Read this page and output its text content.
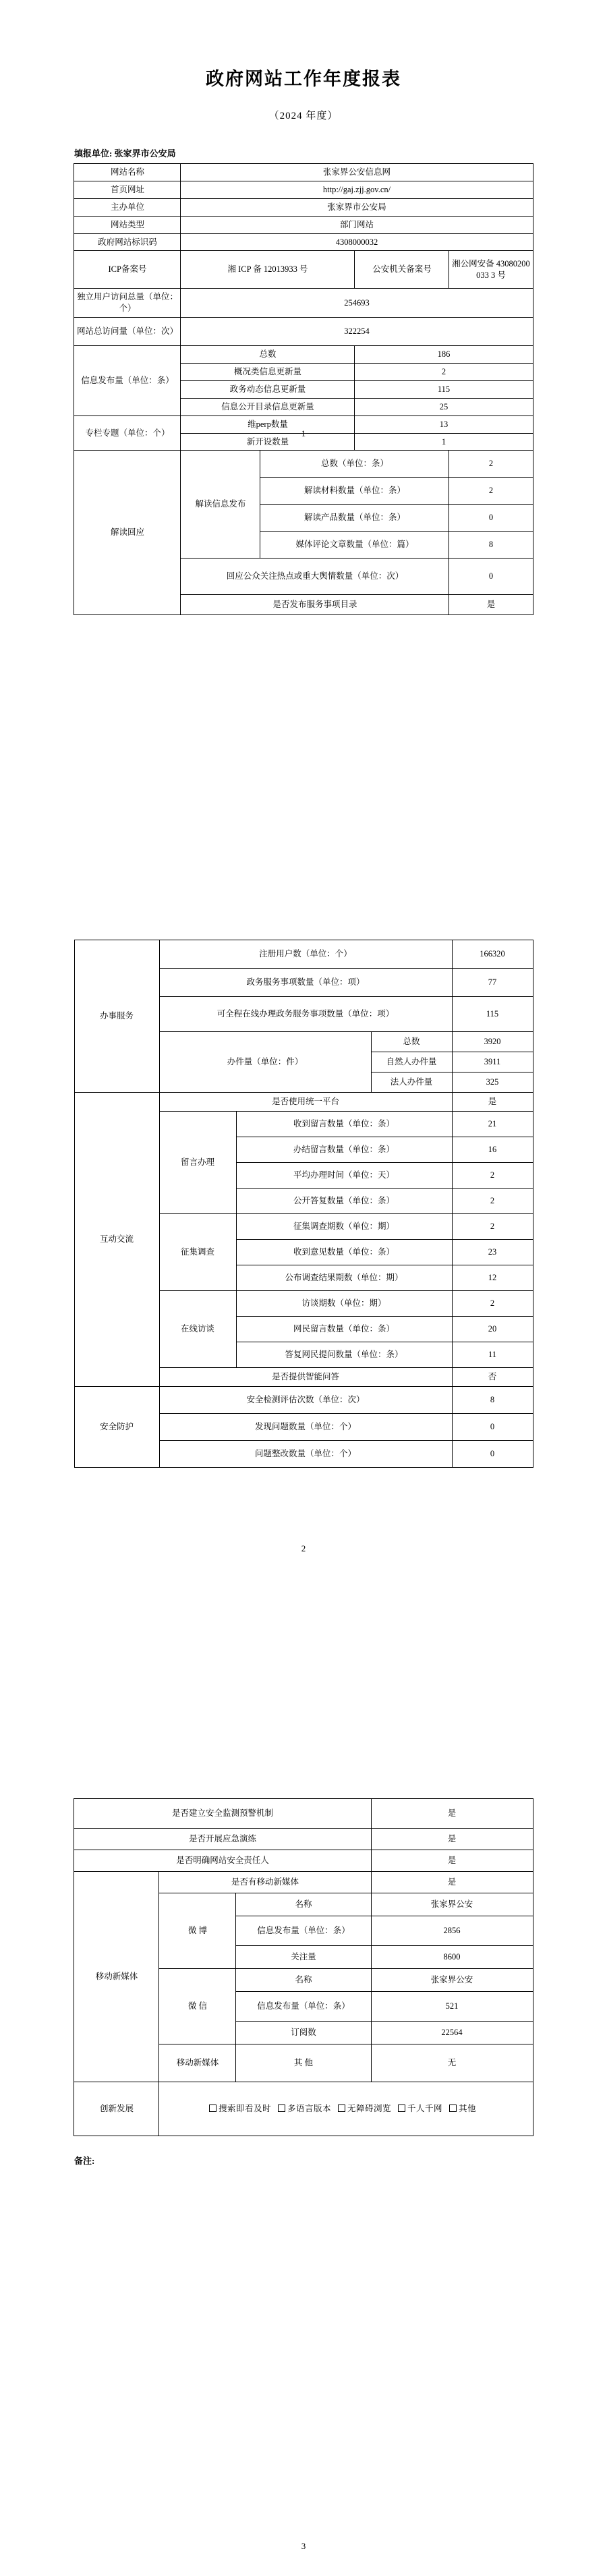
政府网站工作年度报表
（2024 年度）
填报单位: 张家界市公安局
网站名称	张家界公安信息网			
首页网址	http://gaj.zjj.gov.cn/			
主办单位	张家界市公安局			
网站类型	部门网站			
政府网站标识码	4308000032			
ICP备案号	湘 ICP 备 12013933 号		公安机关备案号	湘公网安备 43080200033 3 号
独立用户访问总量（单位：个）	254693			
网站总访问量（单位：次）	322254			
信息发布量（单位：条）	总数		186	
	概况类信息更新量		2	
	政务动态信息更新量		115	
	信息公开目录信息更新量		25	
专栏专题（单位：个）	维perp数量		13	
	新开设数量		1	
解读回应	解读信息发布	总数（单位：条）		2
		解读材料数量（单位：条）		2
		解读产品数量（单位：条）		0
		媒体评论文章数量（单位：篇）		8
	回应公众关注热点或重大舆情数量（单位：次）			0
	是否发布服务事项目录			是
1
办事服务	注册用户数（单位：个）			166320
	政务服务事项数量（单位：项）			77
	可全程在线办理政务服务事项数量（单位：项）			115
	办件量（单位：件）		总数	3920
			自然人办件量	3911
			法人办件量	325
互动交流	是否使用统一平台			是
	留言办理	收到留言数量（单位：条）		21
		办结留言数量（单位：条）		16
		平均办理时间（单位：天）		2
		公开答复数量（单位：条）		2
	征集调查	征集调查期数（单位：期）		2
		收到意见数量（单位：条）		23
		公布调查结果期数（单位：期）		12
	在线访谈	访谈期数（单位：期）		2
		网民留言数量（单位：条）		20
		答复网民提问数量（单位：条）		11
	是否提供智能问答			否
安全防护	安全检测评估次数（单位：次）			8
	发现问题数量（单位：个）			0
	问题整改数量（单位：个）			0
2
是否建立安全监测预警机制			是
是否开展应急演练			是
是否明确网站安全责任人			是
移动新媒体	是否有移动新媒体		是
	微 博	名称	张家界公安
		信息发布量（单位：条）	2856
		关注量	8600
	微 信	名称	张家界公安
		信息发布量（单位：条）	521
		订阅数	22564
	移动新媒体	其 他	无
创新发展	搜索即看及时 多语言版本 无障碍浏览 千人千网 其他		
备注:
3
